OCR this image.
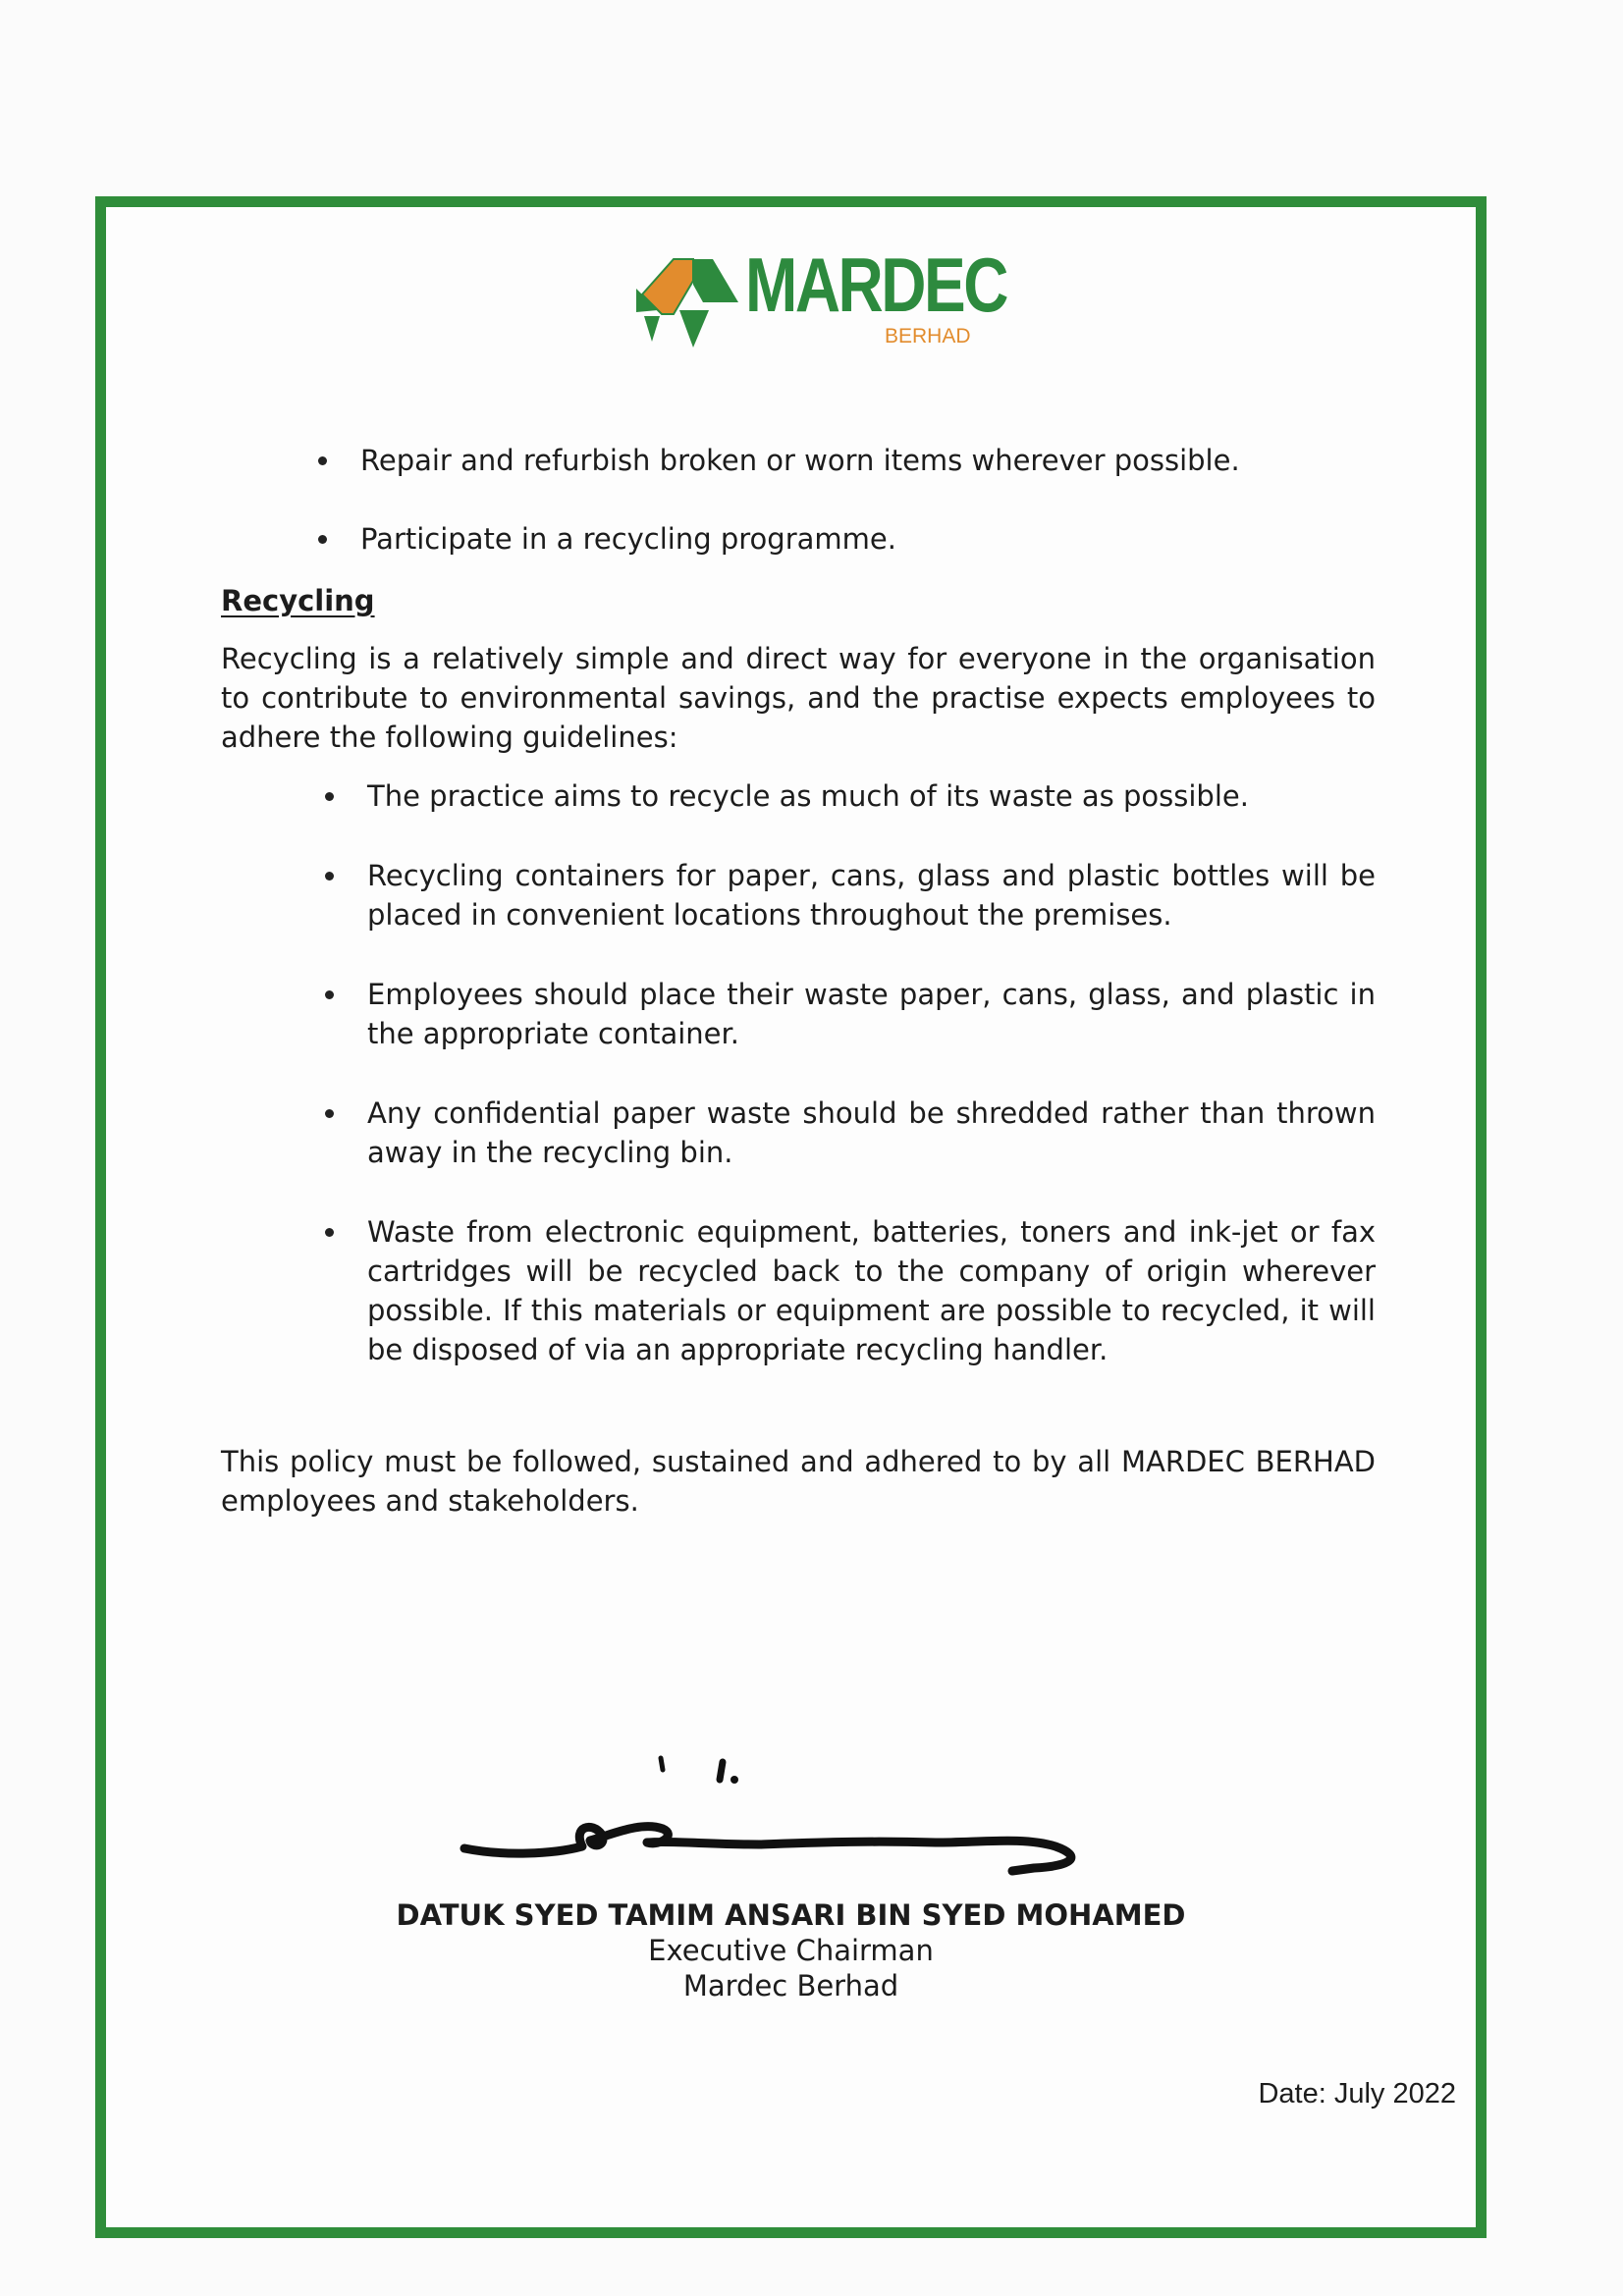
MARDEC
BERHAD
Repair and refurbish broken or worn items wherever possible.
Participate in a recycling programme.
Recycling
Recycling is a relatively simple and direct way for everyone in the organisation to contribute to environmental savings, and the practise expects employees to adhere the following guidelines:
The practice aims to recycle as much of its waste as possible.
Recycling containers for paper, cans, glass and plastic bottles will be placed in convenient locations throughout the premises.
Employees should place their waste paper, cans, glass, and plastic in the appropriate container.
Any confidential paper waste should be shredded rather than thrown away in the recycling bin.
Waste from electronic equipment, batteries, toners and ink-jet or fax cartridges will be recycled back to the company of origin wherever possible. If this materials or equipment are possible to recycled, it will be disposed of via an appropriate recycling handler.
This policy must be followed, sustained and adhered to by all MARDEC BERHAD employees and stakeholders.
DATUK SYED TAMIM ANSARI BIN SYED MOHAMED
Executive Chairman
Mardec Berhad
Date: July 2022
